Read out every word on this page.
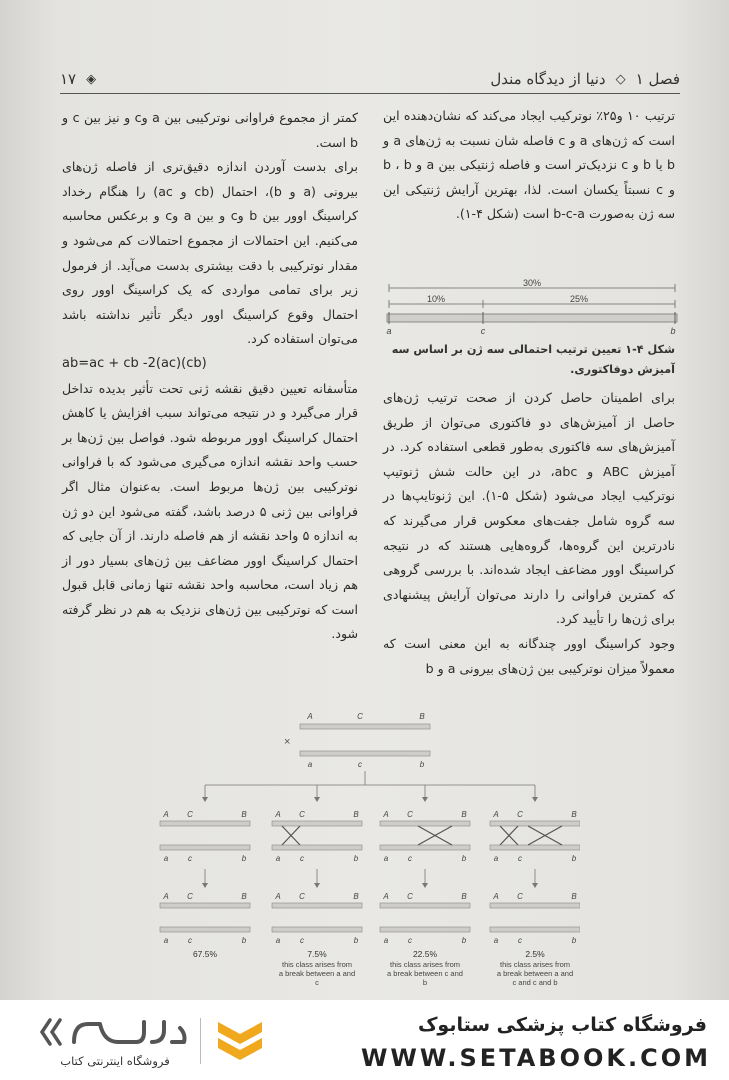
فصل ۱
◇
دنیا از دیدگاه مندل
◈
۱۷

ترتیب ۱۰ و۲۵٪ نوترکیب ایجاد می‌کند که نشان‌دهنده این است که ژن‌های a و c فاصله شان نسبت به ژن‌های a و b یا b و c نزدیک‌تر است و فاصله ژنتیکی بین a و b ، b و c نسبتاً یکسان است. لذا، بهترین آرایش ژنتیکی این سه ژن به‌صورت b-c-a است (شکل ۴-۱).

30%
10%	25%
a	c	b
شکل ۴-۱ تعیین ترتیب احتمالی سه ژن بر اساس سه آمیزش دوفاکتوری.

برای اطمینان حاصل کردن از صحت ترتیب ژن‌های حاصل از آمیزش‌های دو فاکتوری می‌توان از طریق آمیزش‌های سه فاکتوری به‌طور قطعی استفاده کرد. در آمیزش ABC و abc، در این حالت شش ژنوتیپ نوترکیب ایجاد می‌شود (شکل ۵-۱). این ژنوتایپ‌ها در سه گروه شامل جفت‌های معکوس قرار می‌گیرند که نادرترین این گروه‌ها، گروه‌هایی هستند که در نتیجه کراسینگ اوور مضاعف ایجاد شده‌اند. با بررسی گروهی که کمترین فراوانی را دارند می‌توان آرایش پیشنهادی برای ژن‌ها را تأیید کرد.

وجود کراسینگ اوور چندگانه به این معنی است که معمولاً میزان نوترکیبی بین ژن‌های بیرونی a و b

کمتر از مجموع فراوانی نوترکیبی بین a وc و نیز بین c و b است.

برای بدست آوردن اندازه دقیق‌تری از فاصله ژن‌های بیرونی (a و b)، احتمال (cb و ac) را هنگام رخداد کراسینگ اوور بین b وc و بین a وc و برعکس محاسبه می‌کنیم. این احتمالات از مجموع احتمالات کم می‌شود و مقدار نوترکیبی با دقت بیشتری بدست می‌آید. از فرمول زیر برای تمامی مواردی که یک کراسینگ اوور روی احتمال وقوع کراسینگ اوور دیگر تأثیر نداشته باشد می‌توان استفاده کرد.

ab=ac + cb -2(ac)(cb)

متأسفانه تعیین دقیق نقشه ژنی تحت تأثیر بدیده تداخل قرار می‌گیرد و در نتیجه می‌تواند سبب افزایش یا کاهش احتمال کراسینگ اوور مربوطه شود. فواصل بین ژن‌ها بر حسب واحد نقشه اندازه می‌گیری می‌شود که با فراوانی نوترکیبی بین ژن‌ها مربوط است. به‌عنوان مثال اگر فراوانی بین ژنی ۵ درصد باشد، گفته می‌شود این دو ژن به اندازه ۵ واحد نقشه از هم فاصله دارند. از آن جایی که احتمال کراسینگ اوور مضاعف بین ژن‌های بسیار دور از هم زیاد است، محاسبه واحد نقشه تنها زمانی قابل قبول است که نوترکیبی بین ژن‌های نزدیک به هم در نظر گرفته شود.

A	C	B
a	c	b
×
A C	B
a c	b
A C	B
a c	b
67.5%
A C	B
a c	b
A C	B
a c	b
7.5%
this class arises from
a break between a and
c
A C	B
a c	b
A C	B
a c	b
22.5%
this class arises from
a break between c and
b
A C	B
a c	b
A C	B
a c	b
2.5%
this class arises from
a break between a and
c and c and b
فروشگاه اینترنتی کتاب
فروشگاه کتاب پزشکی ستابوک
WWW.SETABOOK.COM
